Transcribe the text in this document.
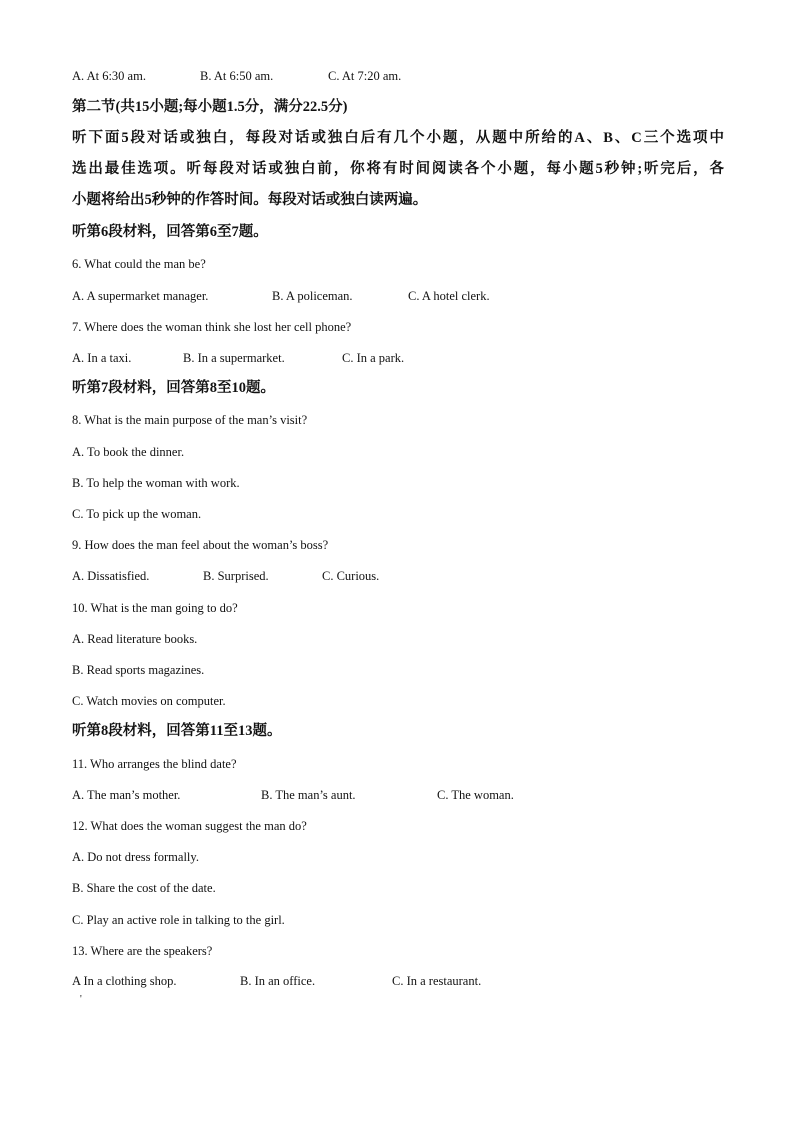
A. At 6:30 am.	B. At 6:50 am.	C. At 7:20 am.
第二节(共15小题;每小题1.5分，满分22.5分)
听下面5段对话或独白，每段对话或独白后有几个小题，从题中所给的A、B、C三个选项中
选出最佳选项。听每段对话或独白前，你将有时间阅读各个小题，每小题5秒钟;听完后，各
小题将给出5秒钟的作答时间。每段对话或独白读两遍。
听第6段材料，回答第6至7题。
6. What could the man be?
A. A supermarket manager.	B. A policeman.	C. A hotel clerk.
7. Where does the woman think she lost her cell phone?
A. In a taxi.	B. In a supermarket.	C. In a park.
听第7段材料，回答第8至10题。
8. What is the main purpose of the man’s visit?
A. To book the dinner.
B. To help the woman with work.
C. To pick up the woman.
9. How does the man feel about the woman’s boss?
A. Dissatisfied.	B. Surprised.	C. Curious.
10. What is the man going to do?
A. Read literature books.
B. Read sports magazines.
C. Watch movies on computer.
听第8段材料，回答第11至13题。
11. Who arranges the blind date?
A. The man’s mother.	B. The man’s aunt.	C. The woman.
12. What does the woman suggest the man do?
A. Do not dress formally.
B. Share the cost of the date.
C. Play an active role in talking to the girl.
13. Where are the speakers?
A In a clothing shop.	B. In an office.	C. In a restaurant.
'
